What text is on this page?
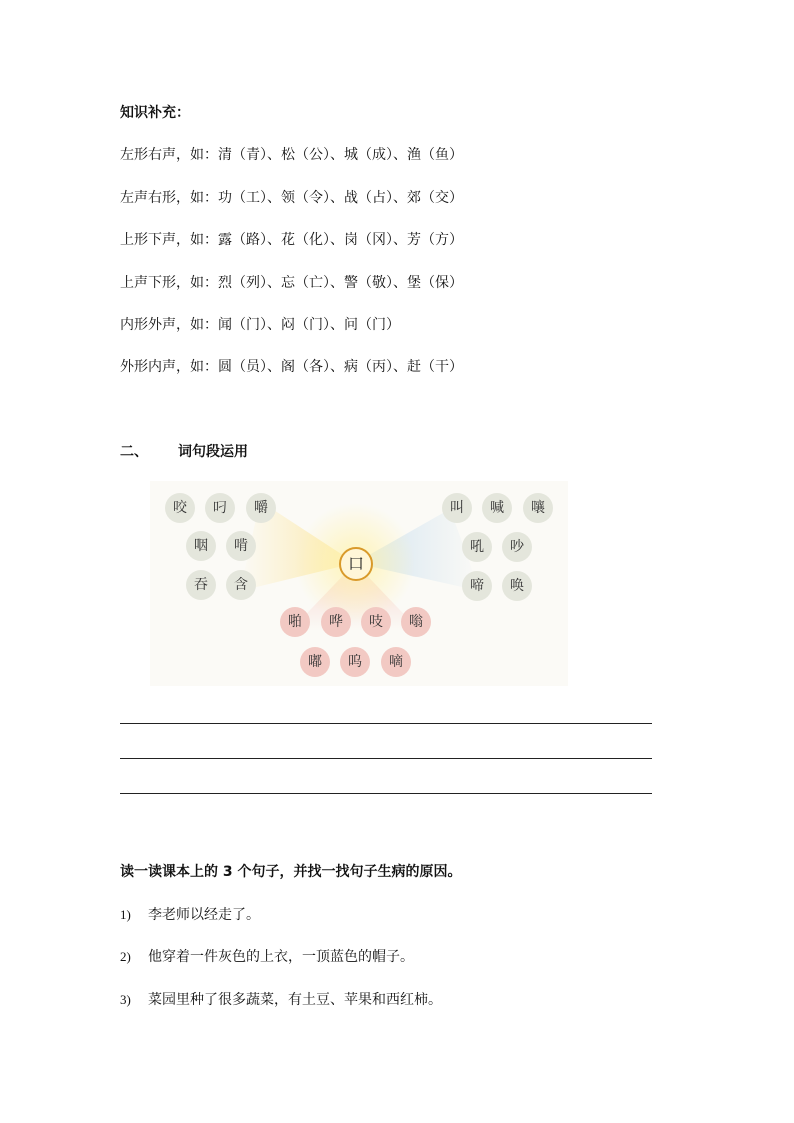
知识补充：
左形右声，如：清（青）、松（公）、城（成）、渔（鱼）
左声右形，如：功（工）、领（令）、战（占）、郊（交）
上形下声，如：露（路）、花（化）、岗（冈）、芳（方）
上声下形，如：烈（列）、忘（亡）、警（敬）、堡（保）
内形外声，如：闻（门）、闷（门）、问（门）
外形内声，如：圆（员）、阁（各）、病（丙）、赶（干）
二、 词句段运用
口
咬	叼	嚼
咽	啃
吞	含
叫	喊	嚷
吼	吵
啼	唤
啪	哗	吱	嗡
嘟	呜	嘀
读一读课本上的 3 个句子，并找一找句子生病的原因。
1) 李老师以经走了。
2) 他穿着一件灰色的上衣，一顶蓝色的帽子。
3) 菜园里种了很多蔬菜，有土豆、苹果和西红柿。
